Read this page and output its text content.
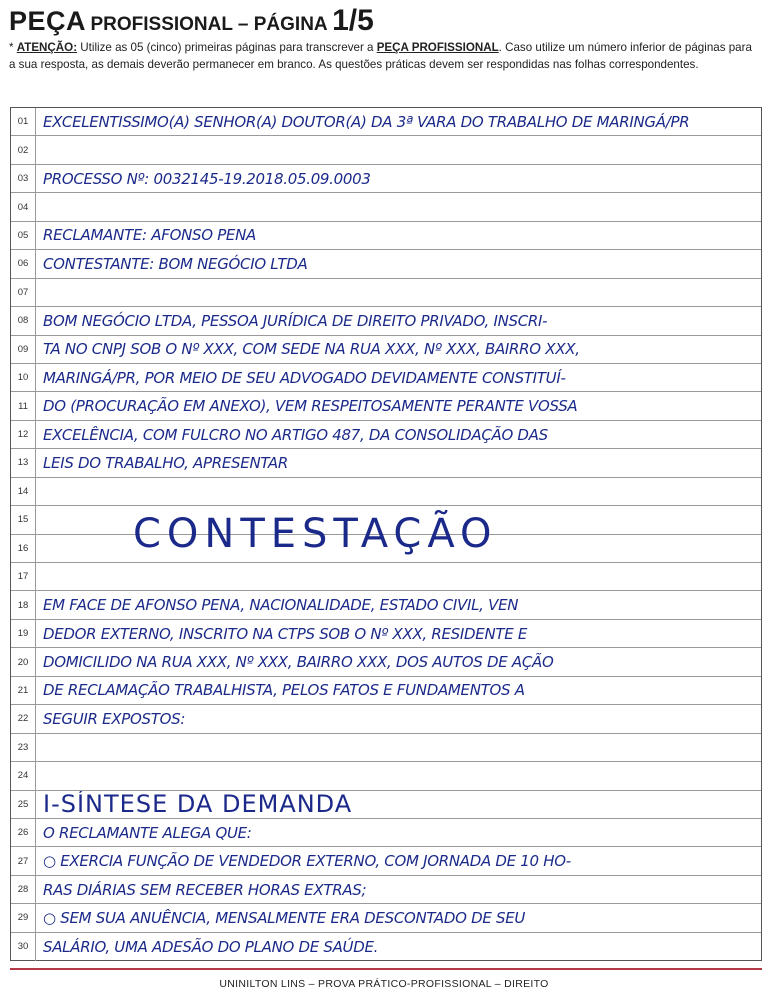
PEÇA PROFISSIONAL – PÁGINA 1/5
* ATENÇÃO: Utilize as 05 (cinco) primeiras páginas para transcrever a PEÇA PROFISSIONAL. Caso utilize um número inferior de páginas para a sua resposta, as demais deverão permanecer em branco. As questões práticas devem ser respondidas nas folhas correspondentes.
01 EXCELENTISSIMO(A) SENHOR(A) DOUTOR(A) DA 3ª VARA DO TRABALHO DE MARINGÁ/PR
02
03 PROCESSO Nº: 0032145-19.2018.05.09.0003
04
05 RECLAMANTE: AFONSO PENA
06 CONTESTANTE: BOM NEGÓCIO LTDA
07
08 BOM NEGÓCIO LTDA, PESSOA JURÍDICA DE DIREITO PRIVADO, INSCRI-
09 TA NO CNPJ SOB O Nº XXX, COM SEDE NA RUA XXX, Nº XXX, BAIRRO XXX,
10 MARINGÁ/PR, POR MEIO DE SEU ADVOGADO DEVIDAMENTE CONSTITUÍ-
11	DO (PROCURAÇÃO EM ANEXO), VEM RESPEITOSAMENTE PERANTE VOSSA
12 EXCELÊNCIA, COM FULCRO NO ARTIGO 487, DA CONSOLIDAÇÃO DAS
13 LEIS DO TRABALHO, APRESENTAR
14
15	CONTESTAÇÃO
16
17
18 EM FACE DE AFONSO PENA, NACIONALIDADE, ESTADO CIVIL, VEN
19 DEDOR EXTERNO, INSCRITO NA CTPS SOB O Nº XXX, RESIDENTE E
20 DOMICILIDO NA RUA XXX, Nº XXX, BAIRRO XXX, DOS AUTOS DE AÇÃO
21 DE RECLAMAÇÃO TRABALHISTA, PELOS FATOS E FUNDAMENTOS A
22 SEGUIR EXPOSTOS:
23
24
25 I-SÍNTESE DA DEMANDA
26 O RECLAMANTE ALEGA QUE:
27 ○ EXERCIA FUNÇÃO DE VENDEDOR EXTERNO, COM JORNADA DE 10 HO-
28 RAS DIÁRIAS SEM RECEBER HORAS EXTRAS;
29 ○ SEM SUA ANUÊNCIA, MENSALMENTE ERA DESCONTADO DE SEU
30 SALÁRIO, UMA ADESÃO DO PLANO DE SAÚDE.
UNINILTON LINS – PROVA PRÁTICO-PROFISSIONAL – DIREITO
